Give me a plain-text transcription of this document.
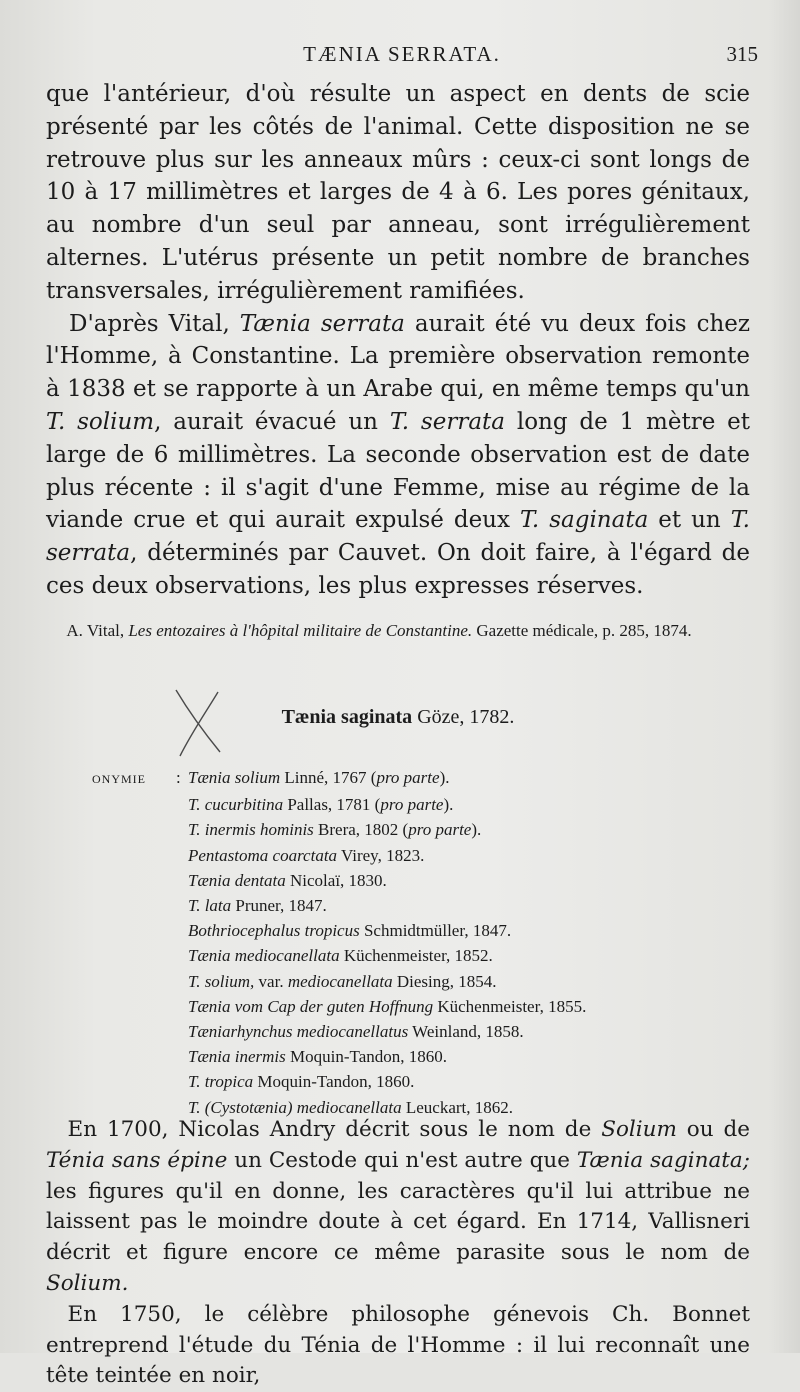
TÆNIA SERRATA.	315

que l'antérieur, d'où résulte un aspect en dents de scie présenté par les côtés de l'animal. Cette disposition ne se retrouve plus sur les anneaux mûrs : ceux-ci sont longs de 10 à 17 millimètres et larges de 4 à 6. Les pores génitaux, au nombre d'un seul par anneau, sont irrégulièrement alternes. L'utérus présente un petit nombre de branches transversales, irrégulièrement ramifiées.

D'après Vital, Tænia serrata aurait été vu deux fois chez l'Homme, à Constantine. La première observation remonte à 1838 et se rapporte à un Arabe qui, en même temps qu'un T. solium, aurait évacué un T. serrata long de 1 mètre et large de 6 millimètres. La seconde observation est de date plus récente : il s'agit d'une Femme, mise au régime de la viande crue et qui aurait expulsé deux T. saginata et un T. serrata, déterminés par Cauvet. On doit faire, à l'égard de ces deux observations, les plus expresses réserves.

A. Vital, Les entozaires à l'hôpital militaire de Constantine. Gazette médicale, p. 285, 1874.

Tænia saginata Göze, 1782.
ONYMIE : Tænia solium Linné, 1767 (pro parte).
T. cucurbitina Pallas, 1781 (pro parte).
T. inermis hominis Brera, 1802 (pro parte).
Pentastoma coarctata Virey, 1823.
Tænia dentata Nicolaï, 1830.
T. lata Pruner, 1847.
Bothriocephalus tropicus Schmidtmüller, 1847.
Tænia mediocanellata Küchenmeister, 1852.
T. solium, var. mediocanellata Diesing, 1854.
Tænia vom Cap der guten Hoffnung Küchenmeister, 1855.
Tæniarhynchus mediocanellatus Weinland, 1858.
Tænia inermis Moquin-Tandon, 1860.
T. tropica Moquin-Tandon, 1860.
T. (Cystotænia) mediocanellata Leuckart, 1862.

En 1700, Nicolas Andry décrit sous le nom de Solium ou de Ténia sans épine un Cestode qui n'est autre que Tænia saginata; les figures qu'il en donne, les caractères qu'il lui attribue ne laissent pas le moindre doute à cet égard. En 1714, Vallisneri décrit et figure encore ce même parasite sous le nom de Solium.

En 1750, le célèbre philosophe génevois Ch. Bonnet entreprend l'étude du Ténia de l'Homme : il lui reconnaît une tête teintée en noir,
